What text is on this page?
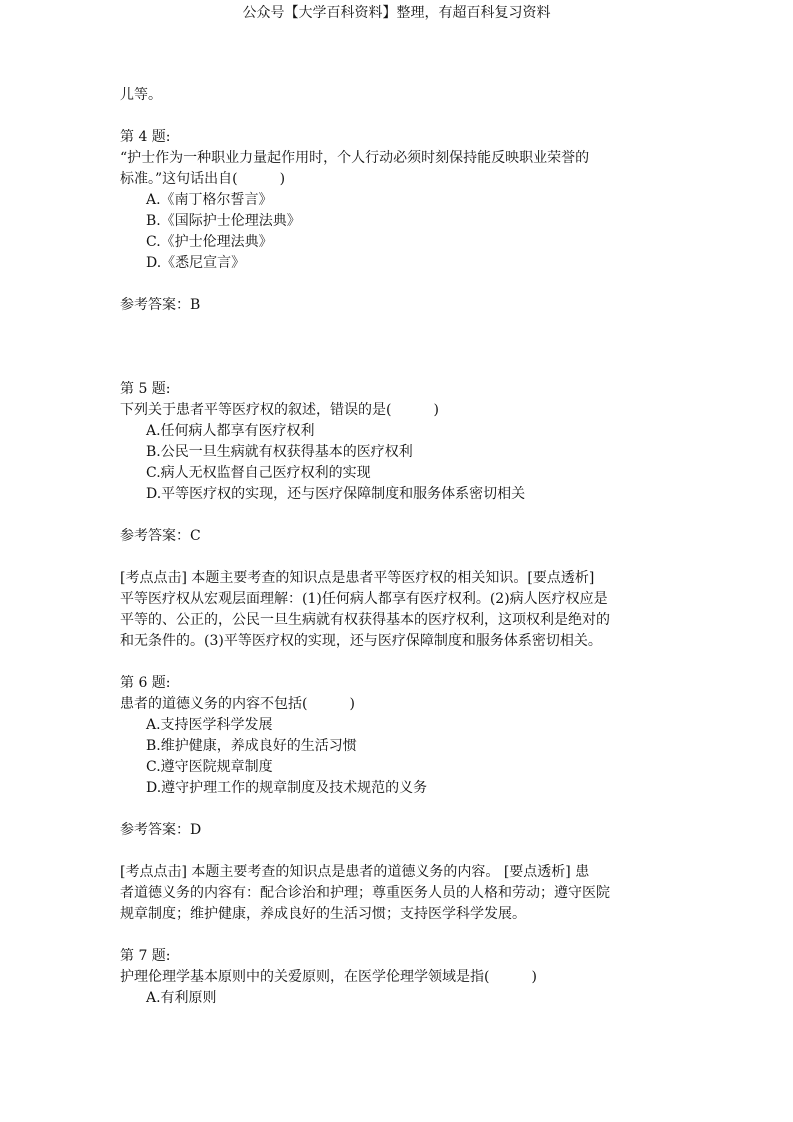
公众号【大学百科资料】整理，有超百科复习资料
儿等。
第 4 题:
“护士作为一种职业力量起作用时，个人行动必须时刻保持能反映职业荣誉的
标准。”这句话出自(　　　)
A.《南丁格尔誓言》
B.《国际护士伦理法典》
C.《护士伦理法典》
D.《悉尼宣言》
参考答案：B
第 5 题:
下列关于患者平等医疗权的叙述，错误的是(　　　)
A.任何病人都享有医疗权利
B.公民一旦生病就有权获得基本的医疗权利
C.病人无权监督自己医疗权利的实现
D.平等医疗权的实现，还与医疗保障制度和服务体系密切相关
参考答案：C
[考点点击] 本题主要考查的知识点是患者平等医疗权的相关知识。[要点透析]
平等医疗权从宏观层面理解：(1)任何病人都享有医疗权利。(2)病人医疗权应是
平等的、公正的，公民一旦生病就有权获得基本的医疗权利，这项权利是绝对的
和无条件的。(3)平等医疗权的实现，还与医疗保障制度和服务体系密切相关。
第 6 题:
患者的道德义务的内容不包括(　　　)
A.支持医学科学发展
B.维护健康，养成良好的生活习惯
C.遵守医院规章制度
D.遵守护理工作的规章制度及技术规范的义务
参考答案：D
[考点点击] 本题主要考查的知识点是患者的道德义务的内容。 [要点透析] 患
者道德义务的内容有：配合诊治和护理；尊重医务人员的人格和劳动；遵守医院
规章制度；维护健康，养成良好的生活习惯；支持医学科学发展。
第 7 题:
护理伦理学基本原则中的关爱原则，在医学伦理学领域是指(　　　)
A.有利原则
